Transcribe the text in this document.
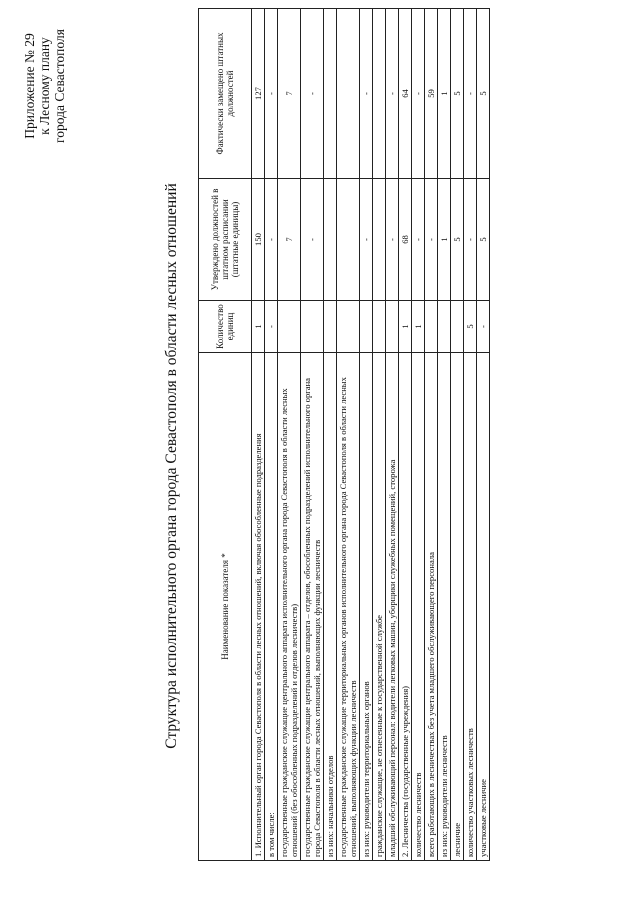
Приложение № 29 к Лесному плану города Севастополя
Структура исполнительного органа города Севастополя в области лесных отношений	Наименование показателя *	Количество единиц	Утверждено должностей в штатном расписании (штатные единицы)	Фактически замещено штатных должностей
1. Исполнительный орган города Севастополя в области лесных отношений, включая обособленные подразделения	1	150	127
в том числе:	-	-	-
государственные гражданские служащие центрального аппарата исполнительного органа города Севастополя в области лесных отношений (без обособленных подразделений и отделов лесничеств)		7	7
государственные гражданские служащие центрального аппарата – отделов, обособленных подразделений исполнительного органа города Севастополя в области лесных отношений, выполняющих функции лесничеств		-	-
из них: начальники отделов			
государственные гражданские служащие территориальных органов исполнительного органа города Севастополя в области лесных отношений, выполняющих функции лесничеств			
из них: руководители территориальных органов		-	-
гражданские служащие, не отнесенные к государственной службе			
младший обслуживающий персонал: водители легковых машин, уборщики служебных помещений, сторожа		-	-
2. Лесничества (государственные учреждения)	1	68	64
количество лесничеств	1	-	-
всего работающих в лесничествах без учета младшего обслуживающего персонала		-	59
из них: руководители лесничеств		1	1
лесничие		5	5
количество участковых лесничеств	5	-	-
участковые лесничие	-	5	5
